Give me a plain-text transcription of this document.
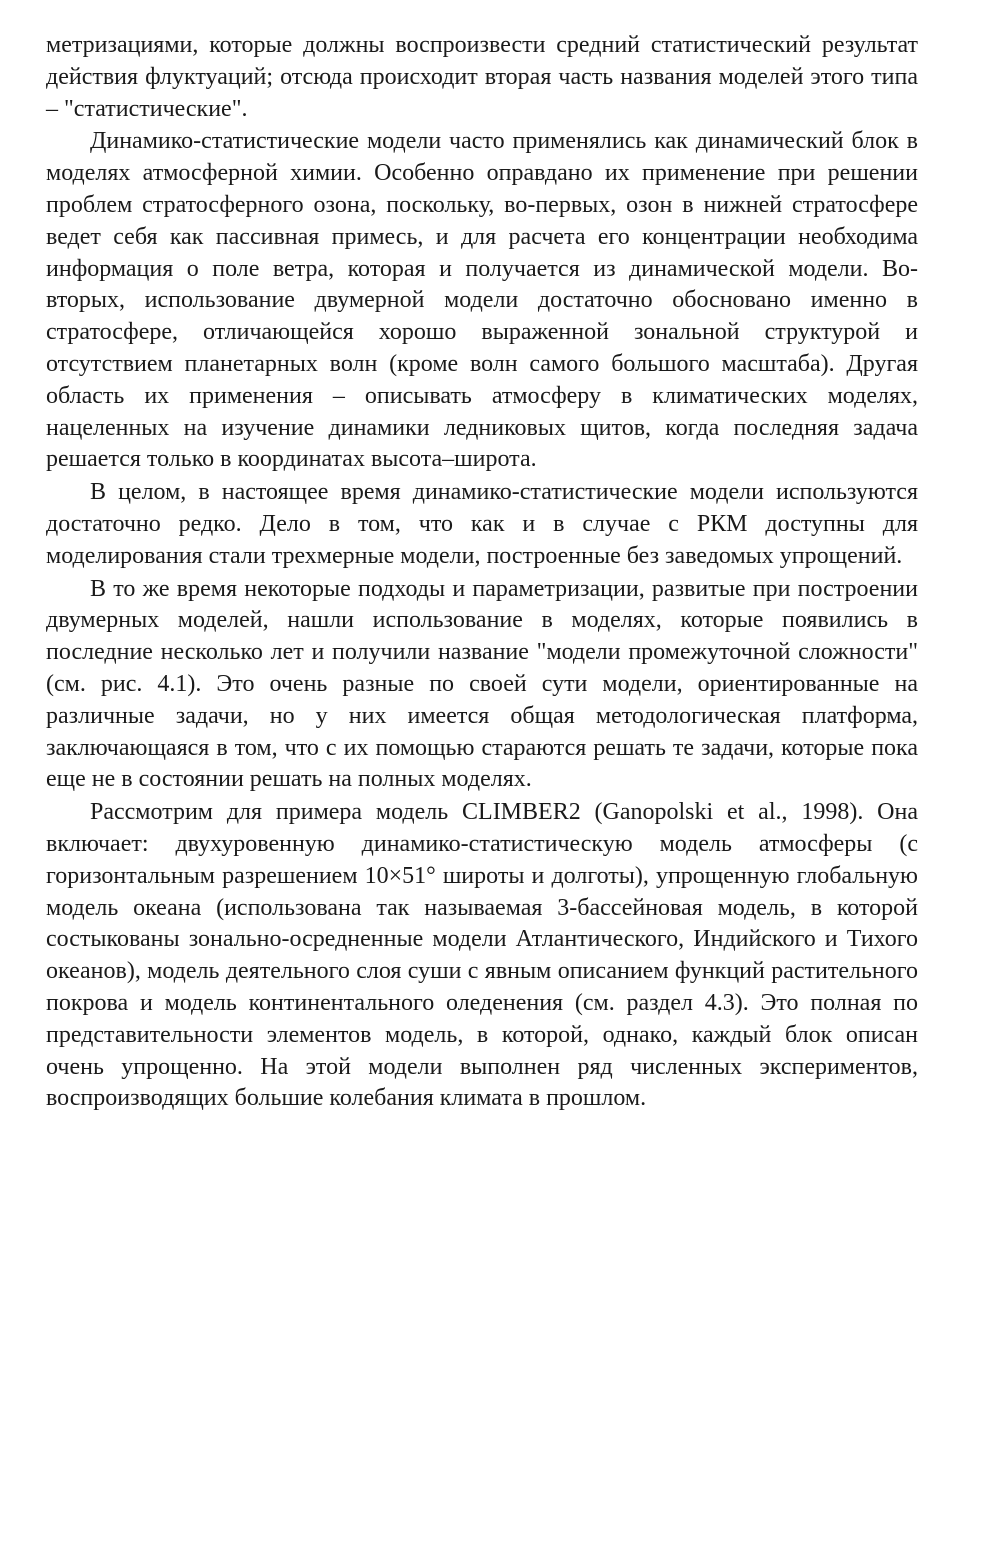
метризациями, которые должны воспроизвести средний статистический результат действия флуктуаций; отсюда происходит вторая часть названия моделей этого типа – "статистические".

Динамико-статистические модели часто применялись как динамический блок в моделях атмосферной химии. Особенно оправдано их применение при решении проблем стратосферного озона, поскольку, во-первых, озон в нижней стратосфере ведет себя как пассивная примесь, и для расчета его концентрации необходима информация о поле ветра, которая и получается из динамической модели. Во-вторых, использование двумерной модели достаточно обосновано именно в стратосфере, отличающейся хорошо выраженной зональной структурой и отсутствием планетарных волн (кроме волн самого большого масштаба). Другая область их применения – описывать атмосферу в климатических моделях, нацеленных на изучение динамики ледниковых щитов, когда последняя задача решается только в координатах высота–широта.

В целом, в настоящее время динамико-статистические модели используются достаточно редко. Дело в том, что как и в случае с РКМ доступны для моделирования стали трехмерные модели, построенные без заведомых упрощений.

В то же время некоторые подходы и параметризации, развитые при построении двумерных моделей, нашли использование в моделях, которые появились в последние несколько лет и получили название "модели промежуточной сложности" (см. рис. 4.1). Это очень разные по своей сути модели, ориентированные на различные задачи, но у них имеется общая методологическая платформа, заключающаяся в том, что с их помощью стараются решать те задачи, которые пока еще не в состоянии решать на полных моделях.

Рассмотрим для примера модель CLIMBER2 (Ganopolski et al., 1998). Она включает: двухуровенную динамико-статистическую модель атмосферы (с горизонтальным разрешением 10×51° широты и долготы), упрощенную глобальную модель океана (использована так называемая 3-бассейновая модель, в которой состыкованы зонально-осредненные модели Атлантического, Индийского и Тихого океанов), модель деятельного слоя суши с явным описанием функций растительного покрова и модель континентального оледенения (см. раздел 4.3). Это полная по представительности элементов модель, в которой, однако, каждый блок описан очень упрощенно. На этой модели выполнен ряд численных экспериментов, воспроизводящих большие колебания климата в прошлом.
